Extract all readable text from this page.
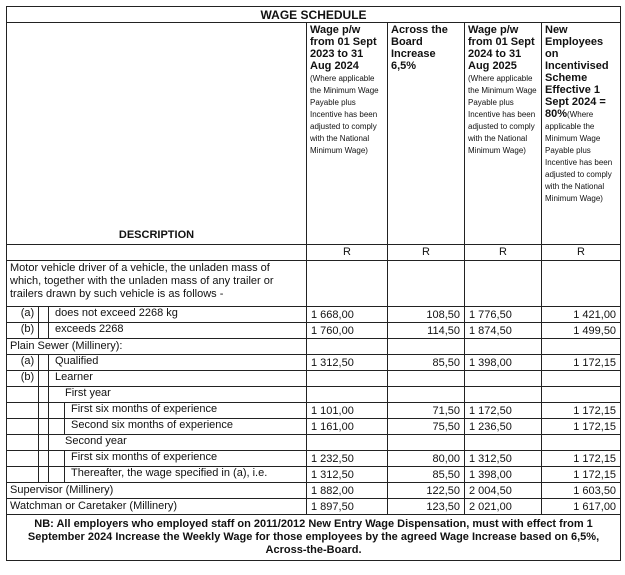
WAGE SCHEDULE				
DESCRIPTION	Wage p/w from 01 Sept 2023 to 31 Aug 2024 (Where applicable the Minimum Wage Payable plus Incentive has been adjusted to comply with the National Minimum Wage)	Across the Board Increase 6,5%	Wage p/w from 01 Sept 2024 to 31 Aug 2025 (Where applicable the Minimum Wage Payable plus Incentive has been adjusted to comply with the National Minimum Wage)	New Employees on Incentivised Scheme Effective 1 Sept 2024 = 80%(Where applicable the Minimum Wage Payable plus Incentive has been adjusted to comply with the National Minimum Wage)
	R	R	R	R
Motor vehicle driver of a vehicle, the unladen mass of which, together with the unladen mass of any trailer or trailers drawn by such vehicle is as follows -				

(a) does not exceed 2268 kg	1 668,00	108,50	1 776,50	1 421,00

(b) exceeds 2268	1 760,00	114,50	1 874,50	1 499,50
Plain Sewer (Millinery):				

(a) Qualified	1 312,50	85,50	1 398,00	1 172,15

(b) Learner				

First year				

First six months of experience	1 101,00	71,50	1 172,50	1 172,15

Second six months of experience	1 161,00	75,50	1 236,50	1 172,15

Second year				

First six months of experience	1 232,50	80,00	1 312,50	1 172,15

Thereafter, the wage specified in (a), i.e.	1 312,50	85,50	1 398,00	1 172,15
Supervisor (Millinery)	1 882,00	122,50	2 004,50	1 603,50
Watchman or Caretaker (Millinery)	1 897,50	123,50	2 021,00	1 617,00
NB: All employers who employed staff on 2011/2012 New Entry Wage Dispensation, must with effect from 1 September 2024 Increase the Weekly Wage for those employees by the agreed Wage Increase based on 6,5%, Across-the-Board.				
